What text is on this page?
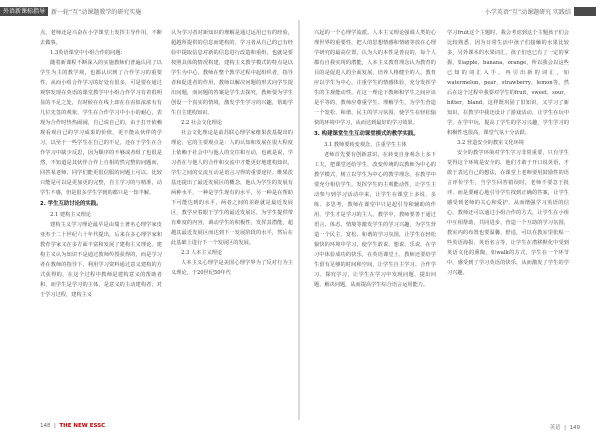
外语新课标指导	新一轮“互”动课题教学的研究实施	小学英语“互”动课题研究 实践结

点，老师还是兴奋在小学课堂上发挥主导作用，不断去做事。

1.3英语课堂中小组合作的问题：

随着新课程不断深入的实施教师们普遍认同了以学生为主的教学观，也都认识到了合作学习的重要性，从而小组合作学习的好处有很多，可是要在通过观察发现在英语的课堂教学中小组合作学习有着很明显的不足之处，有时候在在线上却在在看似浓浓有有几位先签的观象，学生在合作学习中小小的耐心，表现为合作时热热闹闹，自己说自己的，由于打开依赖观看观自己的学习成果的价值，更不能从伙伴的学习，以至于一些学生在自己的不足，还在于学生在合作学习中缺少反思，因为顺序的不够或者组了也很是然，不知道是其伙伴合作上自相的然完整的问题而，回答某老师，同学们能更很信服的问题上可以，比较只能是可以是更加更的完整，自主学习的与精准，动学生不感，但是很多学生学到的都只是一知半解。

2. 学生互助讨论的实践。

2.1 建构主义理论

建构主义学习理论最早是由瑞士著名心理学家皮亚杰于二十世纪六十年代提出，后来在多心理学家和教育学家又在多方面丰富和发展了建构主义理论。建构主义认为知识不是通过教师传授获得的，而是学习者在教师的指导下，利用学习资料通过意义建构的方式获得的。在这个过程中教师是建构意义的帮助者和，而学生是学习的主体，是意义的主动建构者，对于学习过程，建构主义

认为学习者对新知识的理解是通过运用已有的经验，超越所提供的信息而建构的，学习者从自己的已有经验中提取信息对新的信息进行改造和重组，也就是要按照具体的情况构建，建构主义教学模式的特点是以学生为中心，教师在整个教学过程中起组织者，指导者和促进者的作用，教师以解决问题的形式向学生提出问题，而问题的答案是学生去探究，教师要为学生创设一个真实的情境，激发学生学习的兴趣，帮助学生自主建构知识。

2.2 社会文化理论

社会文化理论是前苏联心理学家维果茨基提出的理论，它的主要观点是：人的认知和发展在很大程度上依赖于社会中与他人的交往和互动，也就是说，学习者在与他人的合作和交流中才能更好地建构知识，学生之间的交流互动是语言习得的重要途径。维果茨基还提出了最近发展区的概念，他认为学生的发展有两种水平，一种是学生现有的水平，另一种是在帮助下可能达到的水平，两者之间的差距就是最近发展区，教学应着眼于学生的最近发展区，为学生提供带有难度的内容，调动学生的积极性，发挥其潜能，超越其最近发展区而达到下一发展阶段的水平，然后在此基础上进行下一个发展区的发展。

2.3 人本主义理论

人本主义心理学是美国心理学界为了反对行为主义理论，于20世纪50年代

兴起的一个心理学流派。人本主义理论强调人类的心理世界的重要性，把人的思想情感和情绪等放在心理学研究的最高位置，认为人的本性是善良的，每个人都有自我实现的潜能，人本主义教育理念认为教育的目的是促进人的全面发展，培养人格健全的人，教育应以学生为中心，注重学生的情感体验，充分发挥学生的主观能动性，在这一理论下教师和学生之间应该是平等的，教师应尊重学生、理解学生，为学生营造一个宽松、和谐、民主的学习氛围，使学生在轻松愉快的环境中学习，从而达到最好的学习效果。

3. 构建课堂生生互动课堂模式的教学实践。

3.1 教师要转变观念，注重学生主体

老师首先要有创新意识，在转变自身观念上多下工夫，把课堂还给学生，改变传统的以教师为中心的教学模式，树立以学生为中心的教学理念，在教学中要充分相信学生，发挥学生的主观能动性，让学生主动参与到学习活动中来，让学生在课堂上多说、多练、多思考，教师在课堂中只是起引导和辅助的作用，学生才是学习的主人。教学中，教师要善于通过语言、体态、情境等激发学生的学习兴趣，为学生营造一个民主、宽松、和谐的学习氛围，让学生在轻松愉快的环境中学习，使学生敢说、想说、乐说，在学习中体验成功的快乐，在英语课堂上，教师还要给学生留有足够的时间和空间，让学生自主学习、合作学习、探究学习，让学生在学习中发现问题、提出问题、解决问题，从而提高学生综合语言运用能力。

学习fruit这个主题时，我会考虑到这个主题孩子们会比较熟悉，因为日常生活中孩子们接触的水果比较多，另外课本的水果词汇，孩子们也已有了一定的掌握，如apple，banana，orange，所以我会以这些已知的词汇入手，再引出新的词汇，如watermelon，pear，strawberry，lemon等。然后在这个过程中我要对学生的fruit，sweet，sour，bitter，bland，这样既巩固了旧知识，又学习了新知识，在教学中我还设计了游戏活动，让学生在玩中学，在学中玩，提高了学生的学习兴趣，学生学习的积极性也很高，课堂气氛十分活跃。

3.2 营造安全的教室文化环境

安全的教学环境对学生学习非常重要，只有学生觉得这个环境是安全的，他们才敢于开口说英语，才敢于表达自己的想法，在课堂上老师要用鼓励性的语言评价学生，当学生回答错误时，老师不要急于批评，而是要耐心地引导学生找到正确的答案，让学生感受到老师的关心和爱护，从而增强学习英语的信心。教师还可以通过小组合作的方式，让学生在小组中互相帮助，共同进步，营造一个互助的学习氛围，教室内的布置也要温馨、舒适，可以在教室里张贴一些英语海报、英语名言等，让学生在潜移默化中受到英语文化的熏陶，如walk的方式，学生在一个环节中，感受到了学习英语的快乐，从而激发了学生的学习兴趣。

148  |  THE NEW ESSC	英语  |  149
